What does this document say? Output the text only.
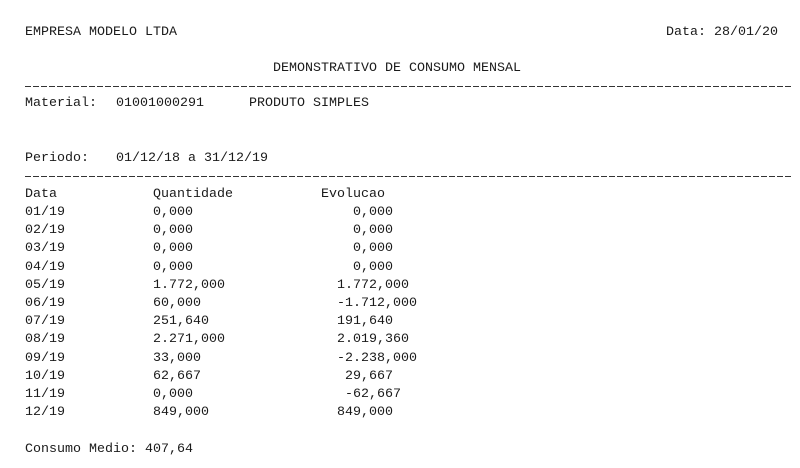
EMPRESA MODELO LTDA	Data: 28/01/20
DEMONSTRATIVO DE CONSUMO MENSAL
Material: 01001000291	PRODUTO SIMPLES
Periodo: 01/12/18 a 31/12/19
Data	Quantidade	Evolucao
01/19	0,000	0,000
02/19	0,000	0,000
03/19	0,000	0,000
04/19	0,000	0,000
05/19	1.772,000	1.772,000
06/19	60,000	-1.712,000
07/19	251,640	191,640
08/19	2.271,000	2.019,360
09/19	33,000	-2.238,000
10/19	62,667	29,667
11/19	0,000	-62,667
12/19	849,000	849,000
Consumo Medio: 407,64
